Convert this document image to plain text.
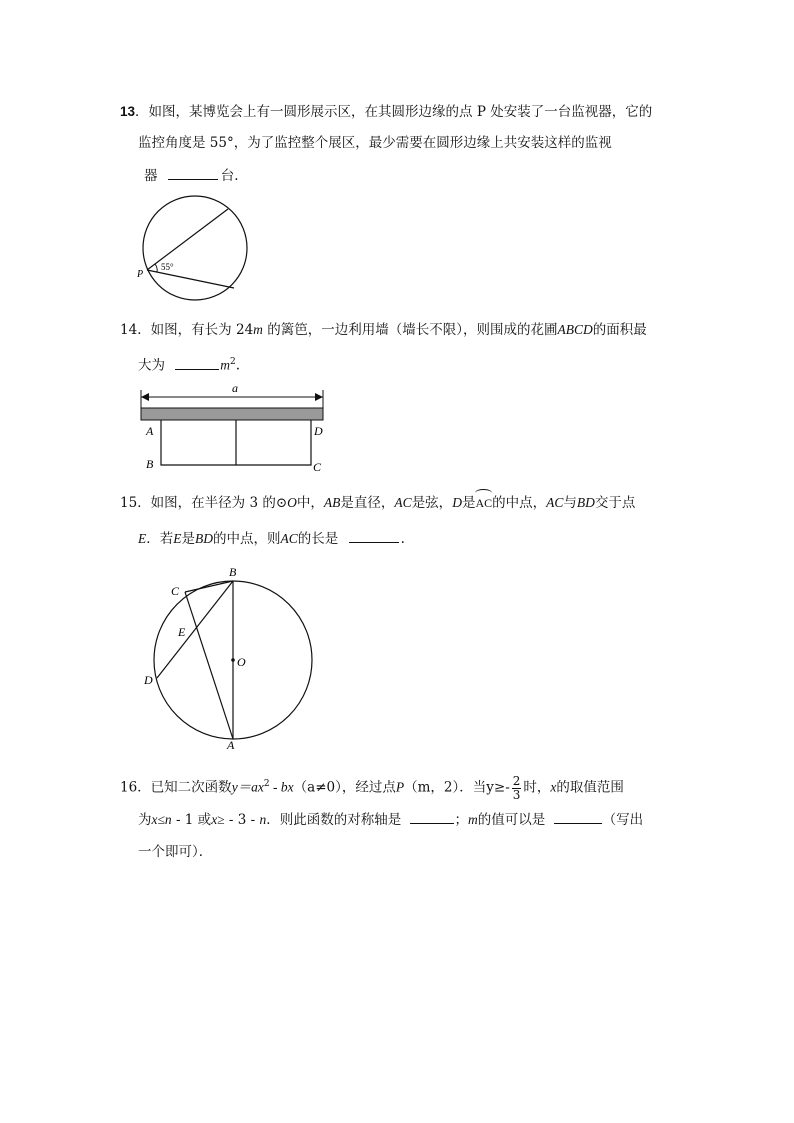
13．如图，某博览会上有一圆形展示区，在其圆形边缘的点 P 处安装了一台监视器，它的
监控角度是 55°，为了监控整个展区，最少需要在圆形边缘上共安装这样的监视
器	台.
P
55°
14．如图，有长为 24m 的篱笆，一边利用墙（墙长不限），则围成的花圃ABCD的面积最
大为	$m^2$.
a
A
B
D
C
15．如图，在半径为 3 的⊙O中，AB是直径，AC是弦，D是AC的中点，AC与BD交于点
E．若E是BD的中点，则AC的长是	.
B
C
E
O
D
A
16．已知二次函数$y=ax^2 - bx(a\ne 0)$，经过点P（m，2）．当$y\ge- \frac{2}{3}$ 时，x的取值范围
为x≤n - 1 或x≥ - 3 - n．则此函数的对称轴是	；m的值可以是	（写出
一个即可）．
